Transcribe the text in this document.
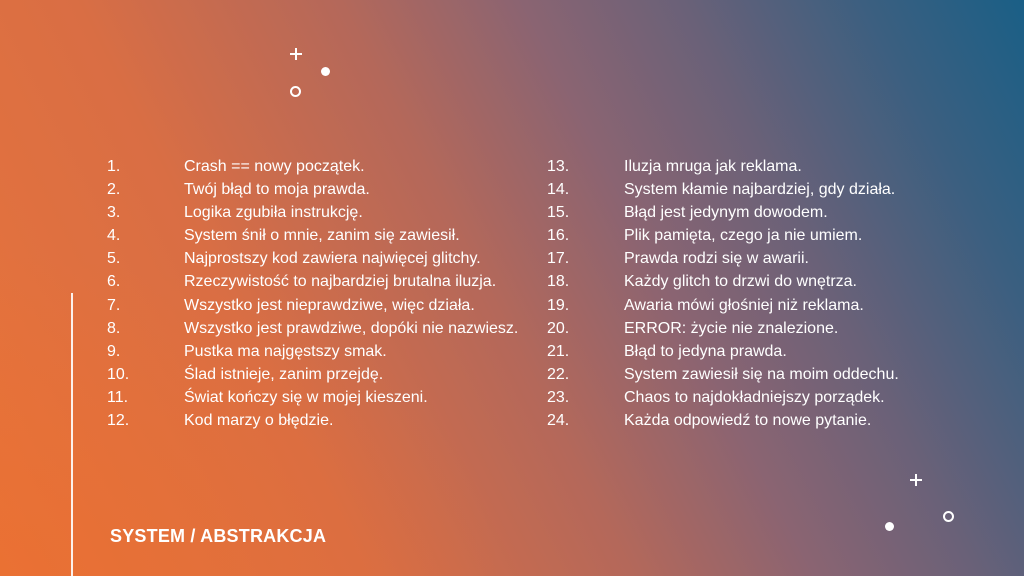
1.	Crash == nowy początek.
2.	Twój błąd to moja prawda.
3.	Logika zgubiła instrukcję.
4.	System śnił o mnie, zanim się zawiesił.
5.	Najprostszy kod zawiera najwięcej glitchy.
6.	Rzeczywistość to najbardziej brutalna iluzja.
7.	Wszystko jest nieprawdziwe, więc działa.
8.	Wszystko jest prawdziwe, dopóki nie nazwiesz.
9.	Pustka ma najgęstszy smak.
10.	Ślad istnieje, zanim przejdę.
11.	Świat kończy się w mojej kieszeni.
12.	Kod marzy o błędzie.
13.	Iluzja mruga jak reklama.
14.	System kłamie najbardziej, gdy działa.
15.	Błąd jest jedynym dowodem.
16.	Plik pamięta, czego ja nie umiem.
17.	Prawda rodzi się w awarii.
18.	Każdy glitch to drzwi do wnętrza.
19.	Awaria mówi głośniej niż reklama.
20.	ERROR: życie nie znalezione.
21.	Błąd to jedyna prawda.
22.	System zawiesił się na moim oddechu.
23.	Chaos to najdokładniejszy porządek.
24.	Każda odpowiedź to nowe pytanie.
SYSTEM / ABSTRAKCJA
